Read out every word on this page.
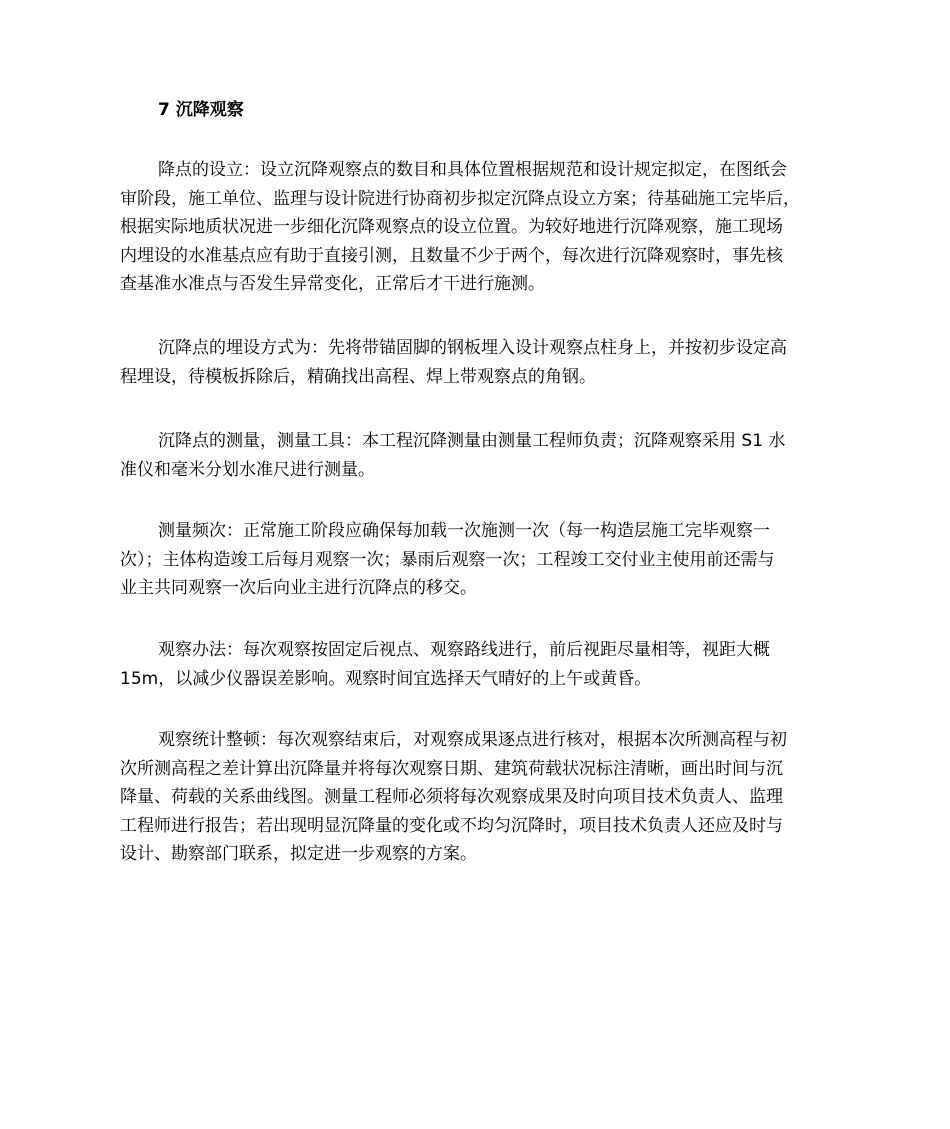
7 沉降观察

降点的设立：设立沉降观察点的数目和具体位置根据规范和设计规定拟定，在图纸会
审阶段，施工单位、监理与设计院进行协商初步拟定沉降点设立方案；待基础施工完毕后，
根据实际地质状况进一步细化沉降观察点的设立位置。为较好地进行沉降观察，施工现场
内埋设的水准基点应有助于直接引测，且数量不少于两个，每次进行沉降观察时，事先核
查基准水准点与否发生异常变化，正常后才干进行施测。

沉降点的埋设方式为：先将带锚固脚的钢板埋入设计观察点柱身上，并按初步设定高
程埋设，待模板拆除后，精确找出高程、焊上带观察点的角钢。

沉降点的测量，测量工具：本工程沉降测量由测量工程师负责；沉降观察采用 S1 水
准仪和毫米分划水准尺进行测量。

测量频次：正常施工阶段应确保每加载一次施测一次（每一构造层施工完毕观察一
次）；主体构造竣工后每月观察一次；暴雨后观察一次；工程竣工交付业主使用前还需与
业主共同观察一次后向业主进行沉降点的移交。

观察办法：每次观察按固定后视点、观察路线进行，前后视距尽量相等，视距大概
15m，以减少仪器误差影响。观察时间宜选择天气晴好的上午或黄昏。

观察统计整顿：每次观察结束后，对观察成果逐点进行核对，根据本次所测高程与初
次所测高程之差计算出沉降量并将每次观察日期、建筑荷载状况标注清晰，画出时间与沉
降量、荷载的关系曲线图。测量工程师必须将每次观察成果及时向项目技术负责人、监理
工程师进行报告；若出现明显沉降量的变化或不均匀沉降时，项目技术负责人还应及时与
设计、勘察部门联系，拟定进一步观察的方案。
